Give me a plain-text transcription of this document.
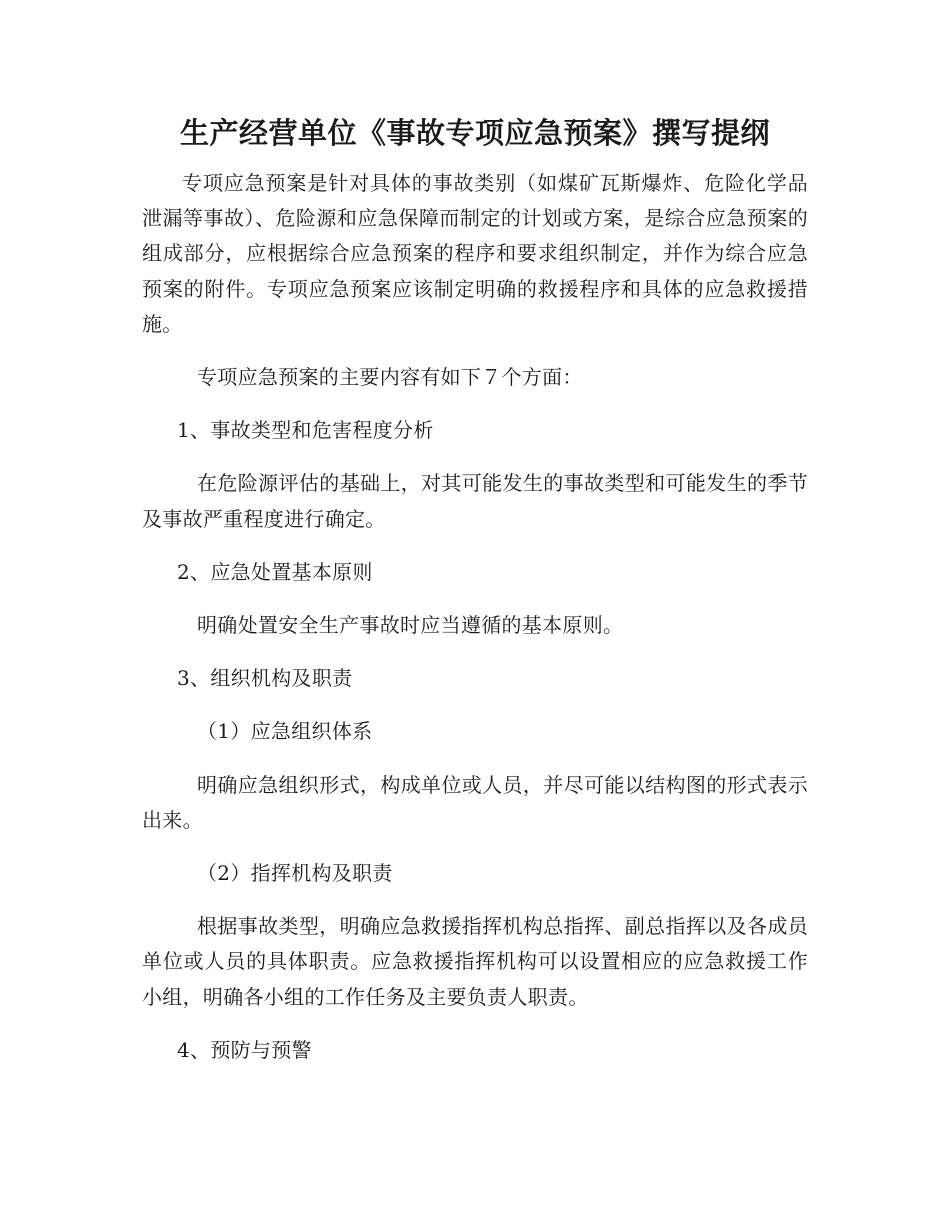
生产经营单位《事故专项应急预案》撰写提纲

专项应急预案是针对具体的事故类别（如煤矿瓦斯爆炸、危险化学品泄漏等事故）、危险源和应急保障而制定的计划或方案，是综合应急预案的组成部分，应根据综合应急预案的程序和要求组织制定，并作为综合应急预案的附件。专项应急预案应该制定明确的救援程序和具体的应急救援措施。

专项应急预案的主要内容有如下７个方面：

1、事故类型和危害程度分析

在危险源评估的基础上，对其可能发生的事故类型和可能发生的季节及事故严重程度进行确定。

2、应急处置基本原则

明确处置安全生产事故时应当遵循的基本原则。

3、组织机构及职责

（1）应急组织体系

明确应急组织形式，构成单位或人员，并尽可能以结构图的形式表示出来。

（2）指挥机构及职责

根据事故类型，明确应急救援指挥机构总指挥、副总指挥以及各成员单位或人员的具体职责。应急救援指挥机构可以设置相应的应急救援工作小组，明确各小组的工作任务及主要负责人职责。

4、预防与预警
